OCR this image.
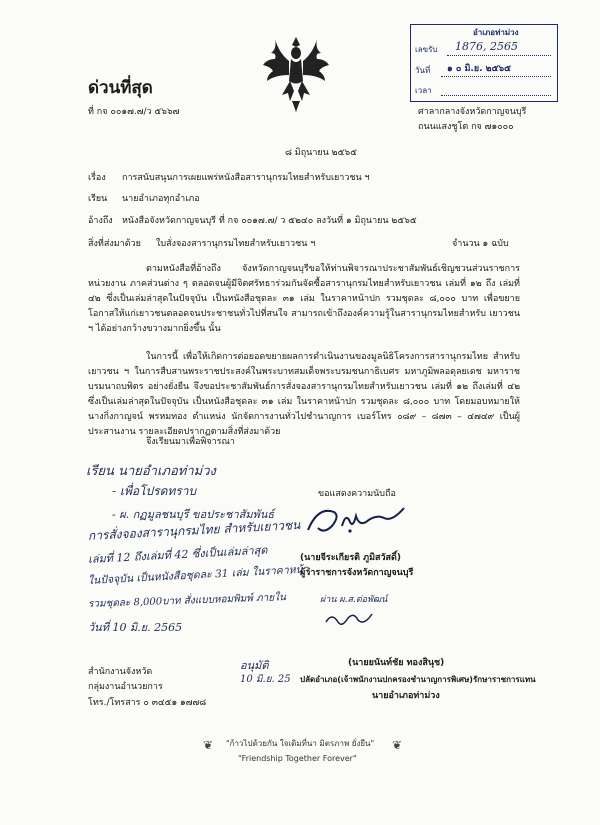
อำเภอท่าม่วง
เลขรับ 1876, 2565
วันที่ ๑ ๐ มิ.ย. ๒๕๖๕
เวลา
ด่วนที่สุด
ที่ กจ ๐๐๑๗.๗/ว ๕๖๖๗	ศาลากลางจังหวัดกาญจนบุรี
ถนนแสงชูโต กจ ๗๑๐๐๐
๘ มิถุนายน ๒๕๖๕
เรื่อง การสนับสนุนการเผยแพร่หนังสือสารานุกรมไทยสำหรับเยาวชน ฯ
เรียน นายอำเภอทุกอำเภอ
อ้างถึง หนังสือจังหวัดกาญจนบุรี ที่ กจ ๐๐๑๗.๗/ ว ๕๒๔๐ ลงวันที่ ๑ มิถุนายน ๒๕๖๕
สิ่งที่ส่งมาด้วย ใบสั่งจองสารานุกรมไทยสำหรับเยาวชน ฯ	จำนวน ๑ ฉบับ
ตามหนังสือที่อ้างถึง จังหวัดกาญจนบุรีขอให้ท่านพิจารณาประชาสัมพันธ์เชิญชวนส่วนราชการ หน่วยงาน ภาคส่วนต่าง ๆ ตลอดจนผู้มีจิตศรัทธาร่วมกันจัดซื้อสารานุกรมไทยสำหรับเยาวชน เล่มที่ ๑๒ ถึง เล่มที่ ๔๒ ซึ่งเป็นเล่มล่าสุดในปัจจุบัน เป็นหนังสือชุดละ ๓๑ เล่ม ในราคาหน้าปก รวมชุดละ ๘,๐๐๐ บาท เพื่อขยายโอกาสให้แก่เยาวชนตลอดจนประชาชนทั่วไปที่สนใจ สามารถเข้าถึงองค์ความรู้ในสารานุกรมไทยสำหรับ เยาวชน ฯ ได้อย่างกว้างขวางมากยิ่งขึ้น นั้น
ในการนี้ เพื่อให้เกิดการต่อยอดขยายผลการดำเนินงานของมูลนิธิโครงการสารานุกรมไทย สำหรับเยาวชน ฯ ในการสืบสานพระราชประสงค์ในพระบาทสมเด็จพระบรมชนกาธิเบศร มหาภูมิพลอดุลยเดช มหาราช บรมนาถบพิตร อย่างยั่งยืน จึงขอประชาสัมพันธ์การสั่งจองสารานุกรมไทยสำหรับเยาวชน เล่มที่ ๑๒ ถึงเล่มที่ ๔๒ ซึ่งเป็นเล่มล่าสุดในปัจจุบัน เป็นหนังสือชุดละ ๓๑ เล่ม ในราคาหน้าปก รวมชุดละ ๘,๐๐๐ บาท โดยมอบหมายให้ นางกิ่งกาญจน์ พรหมทอง ตำแหน่ง นักจัดการงานทั่วไปชำนาญการ เบอร์โทร ๐๘๙ – ๘๗๓ – ๔๗๔๙ เป็นผู้ประสานงาน รายละเอียดปรากฏตามสิ่งที่ส่งมาด้วย
จึงเรียนมาเพื่อพิจารณา
เรียน นายอำเภอท่าม่วง
- เพื่อโปรดทราบ
- ผ. กฏมูลชนบุรี ขอประชาสัมพันธ์
การสั่งจองสารานุกรมไทย สำหรับเยาวชน
เล่มที่ 12 ถึงเล่มที่ 42 ซึ่งเป็นเล่มล่าสุด
ในปัจจุบัน เป็นหนังสือชุดละ 31 เล่ม ในราคาหน้า
รวมชุดละ 8,000บาท สั่งแบบหอมพิมพ์ ภายใน
วันที่ 10 มิ.ย. 2565
ขอแสดงความนับถือ
(นายจีระเกียรติ ภูมิสวัสดิ์)
ผู้ว่าราชการจังหวัดกาญจนบุรี
ผ่าน ผ.ส.ต่อพัฒน์
(นายยนันท์ชัย ทองสินุช)
อนุมัติ
10 มิ.ย. 25 ปลัดอำเภอ(เจ้าพนักงานปกครองชำนาญการพิเศษ)รักษาราชการแทน
นายอำเภอท่าม่วง
สำนักงานจังหวัด
กลุ่มงานอำนวยการ
โทร./โทรสาร ๐ ๓๔๕๑ ๑๗๗๘
❦ "ก้าวไปด้วยกัน ใจเดิมที่นา มิตรภาพ ยั่งยืน" ❦
"Friendship Together Forever"
